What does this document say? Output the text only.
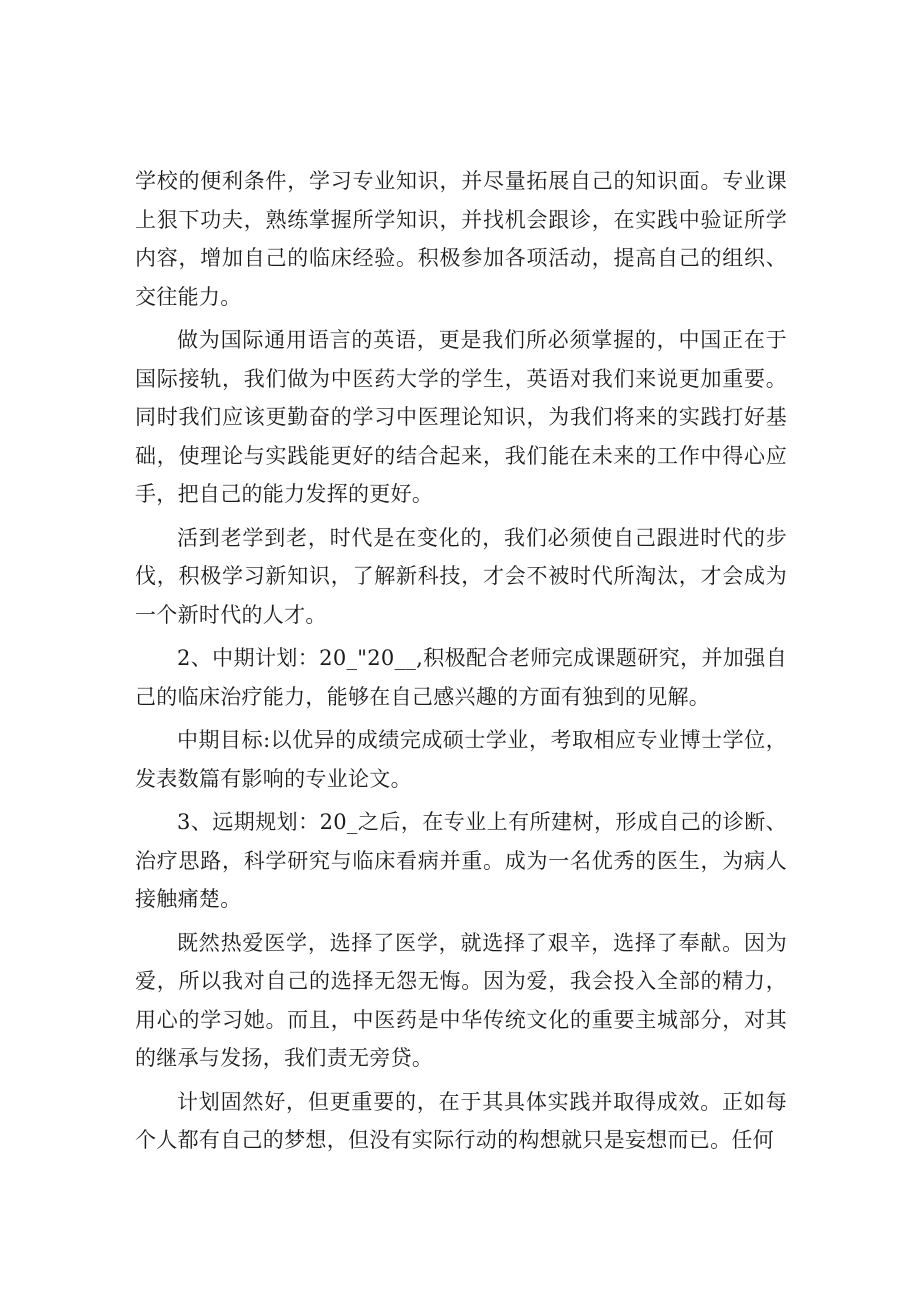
学校的便利条件，学习专业知识，并尽量拓展自己的知识面。专业课上狠下功夫，熟练掌握所学知识，并找机会跟诊，在实践中验证所学内容，增加自己的临床经验。积极参加各项活动，提高自己的组织、交往能力。

做为国际通用语言的英语，更是我们所必须掌握的，中国正在于国际接轨，我们做为中医药大学的学生，英语对我们来说更加重要。同时我们应该更勤奋的学习中医理论知识，为我们将来的实践打好基础，使理论与实践能更好的结合起来，我们能在未来的工作中得心应手，把自己的能力发挥的更好。

活到老学到老，时代是在变化的，我们必须使自己跟进时代的步伐，积极学习新知识，了解新科技，才会不被时代所淘汰，才会成为一个新时代的人才。

2、中期计划：20_"20__,积极配合老师完成课题研究，并加强自己的临床治疗能力，能够在自己感兴趣的方面有独到的见解。

中期目标:以优异的成绩完成硕士学业，考取相应专业博士学位，发表数篇有影响的专业论文。

3、远期规划：20_之后，在专业上有所建树，形成自己的诊断、治疗思路，科学研究与临床看病并重。成为一名优秀的医生，为病人接触痛楚。

既然热爱医学，选择了医学，就选择了艰辛，选择了奉献。因为爱，所以我对自己的选择无怨无悔。因为爱，我会投入全部的精力，用心的学习她。而且，中医药是中华传统文化的重要主城部分，对其的继承与发扬，我们责无旁贷。

计划固然好，但更重要的，在于其具体实践并取得成效。正如每个人都有自己的梦想，但没有实际行动的构想就只是妄想而已。任何
